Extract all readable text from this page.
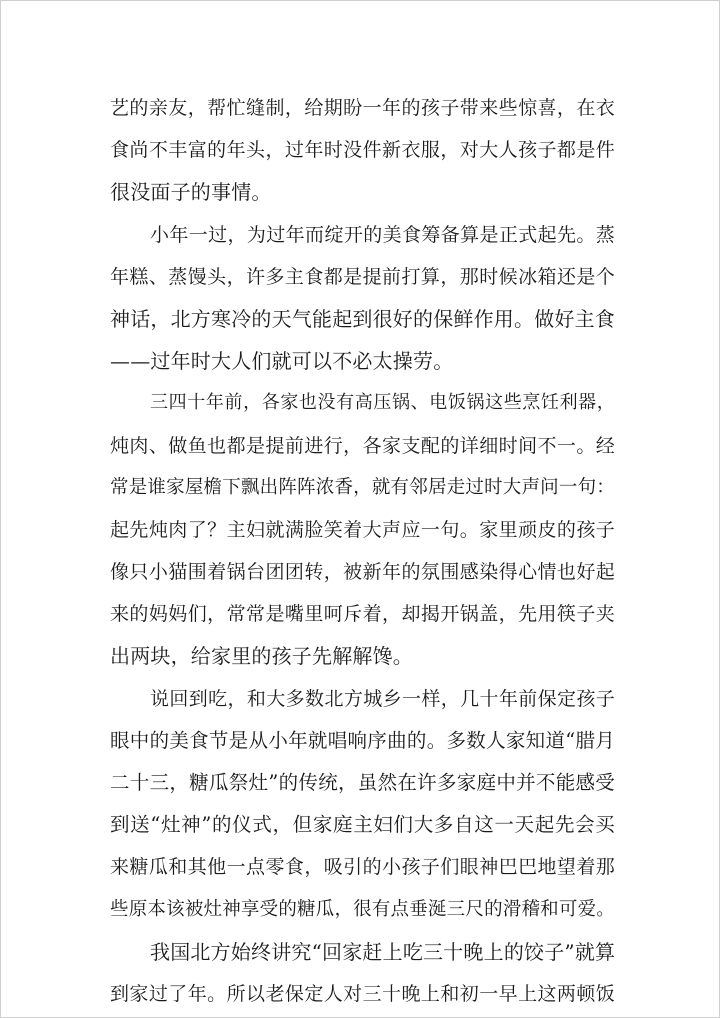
艺的亲友，帮忙缝制，给期盼一年的孩子带来些惊喜，在衣
食尚不丰富的年头，过年时没件新衣服，对大人孩子都是件
很没面子的事情。
小年一过，为过年而绽开的美食筹备算是正式起先。蒸
年糕、蒸馒头，许多主食都是提前打算，那时候冰箱还是个
神话，北方寒冷的天气能起到很好的保鲜作用。做好主食
——过年时大人们就可以不必太操劳。
三四十年前，各家也没有高压锅、电饭锅这些烹饪利器，
炖肉、做鱼也都是提前进行，各家支配的详细时间不一。经
常是谁家屋檐下飘出阵阵浓香，就有邻居走过时大声问一句：
起先炖肉了？主妇就满脸笑着大声应一句。家里顽皮的孩子
像只小猫围着锅台团团转，被新年的氛围感染得心情也好起
来的妈妈们，常常是嘴里呵斥着，却揭开锅盖，先用筷子夹
出两块，给家里的孩子先解解馋。
说回到吃，和大多数北方城乡一样，几十年前保定孩子
眼中的美食节是从小年就唱响序曲的。多数人家知道“腊月
二十三，糖瓜祭灶”的传统，虽然在许多家庭中并不能感受
到送“灶神”的仪式，但家庭主妇们大多自这一天起先会买
来糖瓜和其他一点零食，吸引的小孩子们眼神巴巴地望着那
些原本该被灶神享受的糖瓜，很有点垂涎三尺的滑稽和可爱。
我国北方始终讲究“回家赶上吃三十晚上的饺子”就算
到家过了年。所以老保定人对三十晚上和初一早上这两顿饭
